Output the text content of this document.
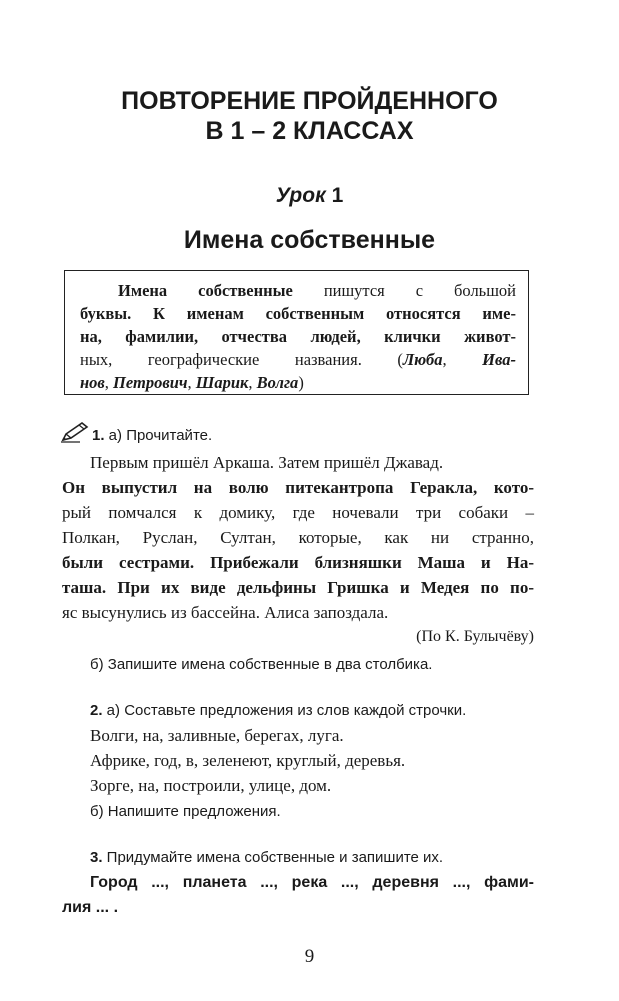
ПОВТОРЕНИЕ ПРОЙДЕННОГО
В 1 – 2 КЛАССАХ
Урок 1
Имена собственные
Имена собственные пишутся с большой
буквы. К именам собственным относятся име-
на, фамилии, отчества людей, клички живот-
ных, географические названия. (Люба, Ива-
нов, Петрович, Шарик, Волга)
1. а) Прочитайте.
Первым пришёл Аркаша. Затем пришёл Джавад.
Он выпустил на волю питекантропа Геракла, кото-
рый помчался к домику, где ночевали три собаки –
Полкан, Руслан, Султан, которые, как ни странно,
были сестрами. Прибежали близняшки Маша и На-
таша. При их виде дельфины Гришка и Медея по по-
яс высунулись из бассейна. Алиса запоздала.
(По К. Булычёву)
б) Запишите имена собственные в два столбика.
2. а) Составьте предложения из слов каждой строчки.
Волги, на, заливные, берегах, луга.
Африке, год, в, зеленеют, круглый, деревья.
Зорге, на, построили, улице, дом.
б) Напишите предложения.
3. Придумайте имена собственные и запишите их.
Город ..., планета ..., река ..., деревня ..., фами-
лия ... .
9
